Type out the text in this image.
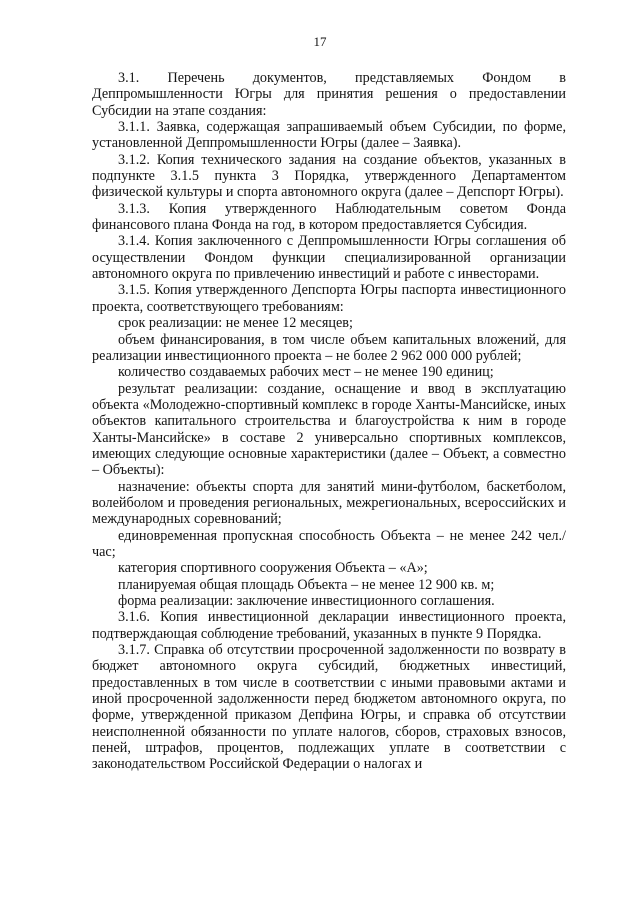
17

3.1. Перечень документов, представляемых Фондом в Деппромышленности Югры для принятия решения о предоставлении Субсидии на этапе создания:

3.1.1. Заявка, содержащая запрашиваемый объем Субсидии, по форме, установленной Деппромышленности Югры (далее – Заявка).

3.1.2. Копия технического задания на создание объектов, указанных в подпункте 3.1.5 пункта 3 Порядка, утвержденного Департаментом физической культуры и спорта автономного округа (далее – Депспорт Югры).

3.1.3. Копия утвержденного Наблюдательным советом Фонда финансового плана Фонда на год, в котором предоставляется Субсидия.

3.1.4. Копия заключенного с Деппромышленности Югры соглашения об осуществлении Фондом функции специализированной организации автономного округа по привлечению инвестиций и работе с инвесторами.

3.1.5. Копия утвержденного Депспорта Югры паспорта инвестиционного проекта, соответствующего требованиям:

срок реализации: не менее 12 месяцев;

объем финансирования, в том числе объем капитальных вложений, для реализации инвестиционного проекта – не более 2 962 000 000 рублей;

количество создаваемых рабочих мест – не менее 190 единиц;

результат реализации: создание, оснащение и ввод в эксплуатацию объекта «Молодежно-спортивный комплекс в городе Ханты-Мансийске, иных объектов капитального строительства и благоустройства к ним в городе Ханты-Мансийске» в составе 2 универсально спортивных комплексов, имеющих следующие основные характеристики (далее – Объект, а совместно – Объекты):

назначение: объекты спорта для занятий мини-футболом, баскетболом, волейболом и проведения региональных, межрегиональных, всероссийских и международных соревнований;

единовременная пропускная способность Объекта – не менее 242 чел./час;

категория спортивного сооружения Объекта – «А»;

планируемая общая площадь Объекта – не менее 12 900 кв. м;

форма реализации: заключение инвестиционного соглашения.

3.1.6. Копия инвестиционной декларации инвестиционного проекта, подтверждающая соблюдение требований, указанных в пункте 9 Порядка.

3.1.7. Справка об отсутствии просроченной задолженности по возврату в бюджет автономного округа субсидий, бюджетных инвестиций, предоставленных в том числе в соответствии с иными правовыми актами и иной просроченной задолженности перед бюджетом автономного округа, по форме, утвержденной приказом Депфина Югры, и справка об отсутствии неисполненной обязанности по уплате налогов, сборов, страховых взносов, пеней, штрафов, процентов, подлежащих уплате в соответствии с законодательством Российской Федерации о налогах и
